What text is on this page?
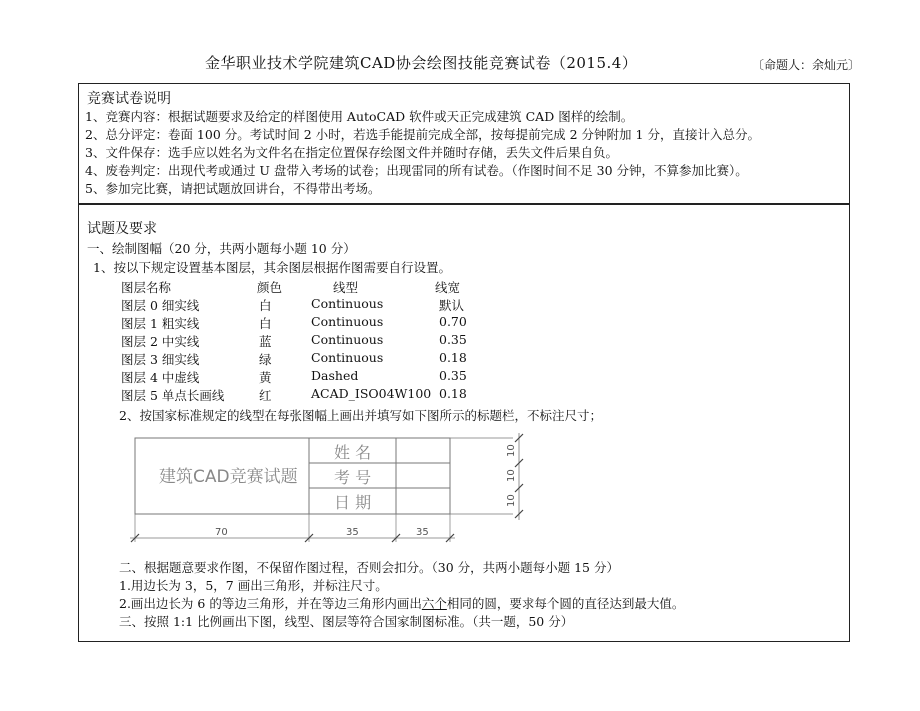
金华职业技术学院建筑CAD协会绘图技能竞赛试卷（2015.4）	〔命题人：余灿元〕
竞赛试卷说明
1、竞赛内容：根据试题要求及给定的样图使用 AutoCAD 软件或天正完成建筑 CAD 图样的绘制。
2、总分评定：卷面 100 分。考试时间 2 小时，若选手能提前完成全部，按每提前完成 2 分钟附加 1 分，直接计入总分。
3、文件保存：选手应以姓名为文件名在指定位置保存绘图文件并随时存储，丢失文件后果自负。
4、废卷判定：出现代考或通过 U 盘带入考场的试卷；出现雷同的所有试卷。（作图时间不足 30 分钟，不算参加比赛）。
5、参加完比赛，请把试题放回讲台，不得带出考场。
试题及要求
一、绘制图幅（20 分，共两小题每小题 10 分）
1、按以下规定设置基本图层，其余图层根据作图需要自行设置。
图层名称	颜色	线型	线宽
图层 0 细实线	白	Continuous	默认
图层 1 粗实线	白	Continuous	0.70
图层 2 中实线	蓝	Continuous	0.35
图层 3 细实线	绿	Continuous	0.18
图层 4 中虚线	黄	Dashed	0.35
图层 5 单点长画线	红	ACAD_ISO04W100 0.18
2、按国家标准规定的线型在每张图幅上画出并填写如下图所示的标题栏，不标注尺寸；
建筑CAD竞赛试题
姓 名
考 号
日 期
10
10
10
70	35	35
二、根据题意要求作图，不保留作图过程，否则会扣分。（30 分，共两小题每小题 15 分）
1.用边长为 3，5，7 画出三角形，并标注尺寸。
2.画出边长为 6 的等边三角形，并在等边三角形内画出六个相同的圆，要求每个圆的直径达到最大值。
三、按照 1:1 比例画出下图，线型、图层等符合国家制图标准。（共一题，50 分）
